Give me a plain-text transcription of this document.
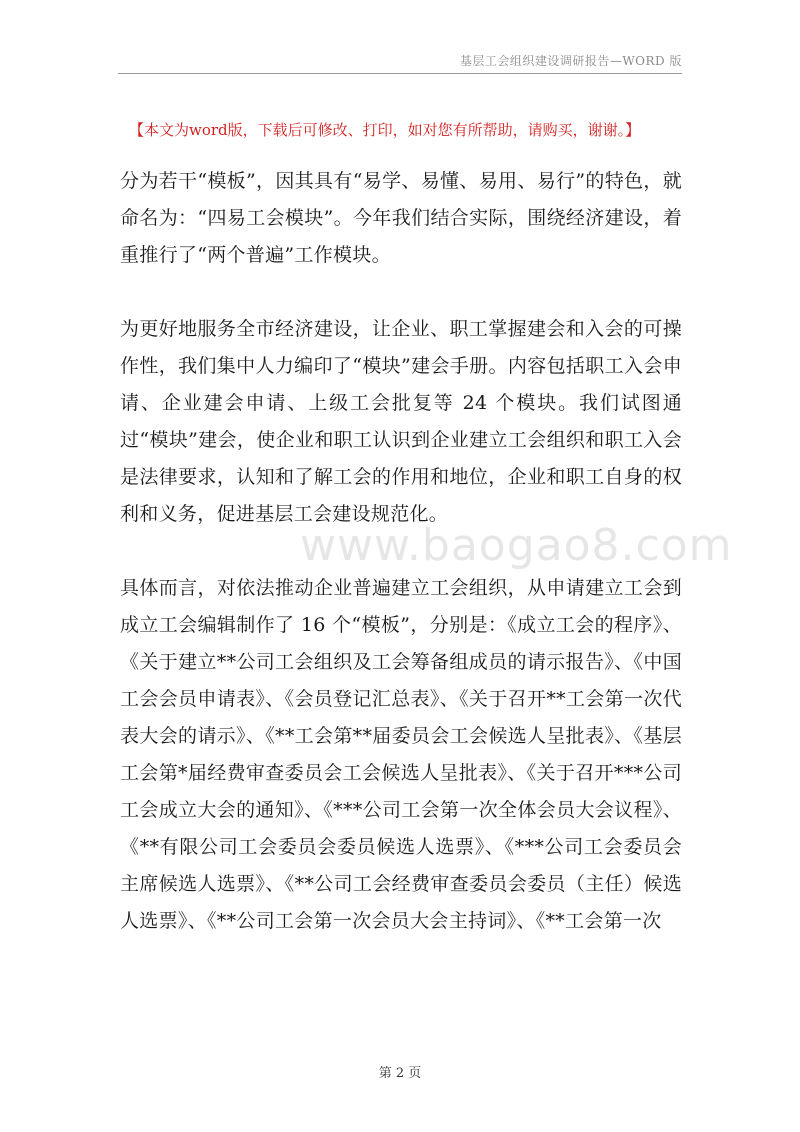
基层工会组织建设调研报告—WORD 版
【本文为word版，下载后可修改、打印，如对您有所帮助，请购买，谢谢。】

分为若干“模板”，因其具有“易学、易懂、易用、易行”的特色，就命名为：“四易工会模块”。今年我们结合实际，围绕经济建设，着重推行了“两个普遍”工作模块。

为更好地服务全市经济建设，让企业、职工掌握建会和入会的可操作性，我们集中人力编印了“模块”建会手册。内容包括职工入会申请、企业建会申请、上级工会批复等 24 个模块。我们试图通过“模块”建会，使企业和职工认识到企业建立工会组织和职工入会是法律要求，认知和了解工会的作用和地位，企业和职工自身的权利和义务，促进基层工会建设规范化。

具体而言，对依法推动企业普遍建立工会组织，从申请建立工会到成立工会编辑制作了 16 个“模板”，分别是：《成立工会的程序》、《关于建立**公司工会组织及工会筹备组成员的请示报告》、《中国工会会员申请表》、《会员登记汇总表》、《关于召开**工会第一次代表大会的请示》、《**工会第**届委员会工会候选人呈批表》、《基层工会第*届经费审查委员会工会候选人呈批表》、《关于召开***公司工会成立大会的通知》、《***公司工会第一次全体会员大会议程》、《**有限公司工会委员会委员候选人选票》、《***公司工会委员会主席候选人选票》、《**公司工会经费审查委员会委员（主任）候选人选票》、《**公司工会第一次会员大会主持词》、《**工会第一次

www.baogao8.com
第 2 页
